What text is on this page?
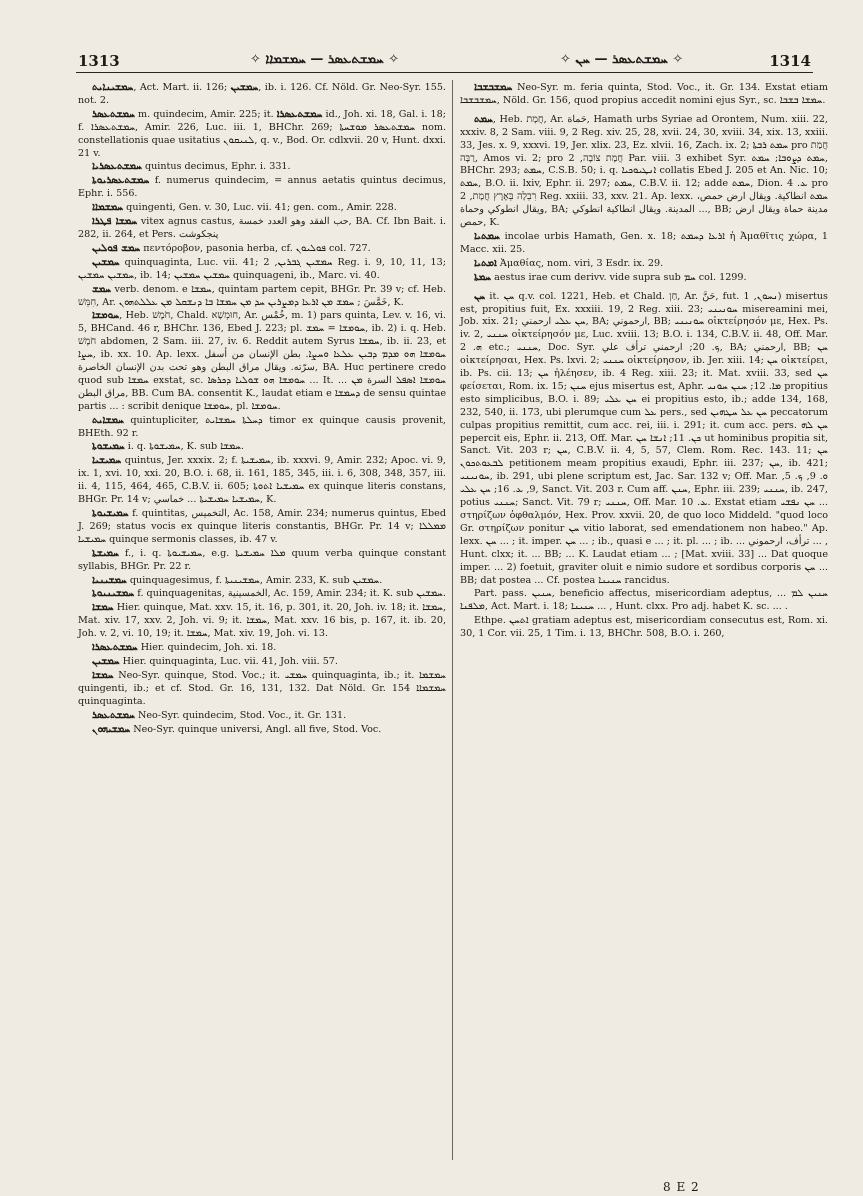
1313	✧ ܚܡܫܬܥܣܪ — ܚܡܫܡܐܐ ✧	✧ ܚܡܫܬܥܣܪ — ܚܢ ✧	1314

ܚܡܫܝܢܐܝܬ, Act. Mart. ii. 126; ܚܡܫܝܢ, ib. i. 126. Cf. Nöld. Gr. Neo-Syr. 155. not. 2.

ܚܡܫܬܥܣܪ m. quindecim, Amir. 225; it. ܚܡܫܬܥܣܪܐ id., Joh. xi. 18, Gal. i. 18; f. ܚܡܫܬܥܣܪܐ, Amir. 226, Luc. iii. 1, BHChr. 269; ܚܡܫܬܥܣܪ ܡܘܫܚܬܐ nom. constellationis quae usitatius ܠܢܝܩܘܢ, q. v., Bod. Or. cdlxvii. 20 v, Hunt. dxxi. 21 v.

ܚܡܫܬܥܣܪܝܐ quintus decimus, Ephr. i. 331.

ܚܡܫܬܥܣܪܝܘܬܐ f. numerus quindecim, = annus aetatis quintus decimus, Ephr. i. 556.

ܚܡܫܡܐܐ quingenti, Gen. v. 30, Luc. vii. 41; gen. com., Amir. 228.

ܚܡܫܐ ܦܛܪܐ vitex agnus castus, ﺣﺐ اﻟﻔﻘﺪ وﻫﻮ اﻟﻌﺪد ﺧﻤﺴﺔ, BA. Cf. Ibn Bait. i. 282, ii. 264, et Pers. ﭘﻨﺠﻜﻮﺷﺖ

ܚܡܫ ܦܘܠܝܢ πεντόροβον, pasonia herba, cf. ܦܘܠܝܘܢ col. 727.

ܚܡܫܝܢ quinquaginta, Luc. vii. 41; ܚܡܫܝܢ ܓܒܪܝܢ, 2 Reg. i. 9, 10, 11, 13; ܚܡܫܝܢ ܚܡܫܝܢ, ib. 14; ܚܡܫܝܢ ܚܡܫܝܢ quinquageni, ib., Marc. vi. 40.

ܚܡܫ verb. denom. e ܚܡܫܐ, quintam partem cepit, BHGr. Pr. 39 v; cf. Heb. חִמֵּשׁ, Ar. خَمَّسَ ; ܚܡܫ ܡܢ ܐܪܥܐ ܕܡܨܪܝܢ ܚܕ ܡܢ ܚܡܫܐ ܒܐ ܕܢܫܩܠ ܡܢ ܥܠܠܬܗܘܢ, K.

ܚܘܡܫܐ, Heb. חֹמֶשׁ, Chald. חוּמְשָׁא, Ar. خُمْس, m. 1) pars quinta, Lev. v. 16, vi. 5, BHCand. 46 r, BHChr. 136, Ebed J. 223; pl. ܚܘܡܫܐ = ܚܡܫ, ib. 2) i. q. Heb. חֹמֶשׁ abdomen, 2 Sam. iii. 27, iv. 6. Reddit autem Syrus ܚܡܫܐ, ib. ii. 23, et ܚܨܐ, ib. xx. 10. Ap. lexx. ܚܘܡܫܐ ܗܘ ܡܕܡ ܕܒܝܢ ܥܠܥܐ ܘܚܨܐ. ﺑﻄﻦ اﻹﻧﺴﺎن ﻣﻦ أﺳﻔﻞ ﺳﺮّﺗﻪ. ويقال مراق البطن وهو تحت بدن الإنسان الخاصرة, BA. Huc pertinere credo quod sub ܚܡܫܐ exstat, sc. ܚܘܡܫܐ ܗܘ ܫܘܠܝܐ ܕܟܪܣܐ ... It. ܚܘܡܫܐ ܐܣܦܠ السرة ܡܢ ... مراق البطن, BB. Cum BA. consentit K., laudat etiam e ܕܚܡܫܐ de sensu quintae partis ... : scribit denique ܚܘܡܫܐ, pl. ܚܘܡܫܐ.

ܚܡܫܐܝܬ quintupliciter, ܕܚܠܬܐ ܚܡܫܐܝܬ timor ex quinque causis provenit, BHEth. 92 r.

ܚܡܝܫܘܬܐ i. q. ܚܡܝܫܘܬܐ, K. sub ܚܡܫܐ.

ܚܡܝܫܝܐ quintus, Jer. xxxix. 2; f. ܚܡܝܫܝܬܐ, ib. xxxvi. 9, Amir. 232; Apoc. vi. 9, ix. 1, xvi. 10, xxi. 20, B.O. i. 68, ii. 161, 185, 345, iii. i. 6, 308, 348, 357, iii. ii. 4, 115, 464, 465, C.B.V. ii. 605; ܚܡܝܫܝܐ ܐܬܘܬܐ ex quinque literis constans, BHGr. Pr. 14 v; ܚܡܝܫܝܐ ܚܡܝܫܝܬܐ ... خماسي, K.

ܚܡܝܫܝܘܬܐ f. quintitas, التخميس, Ac. 158, Amir. 234; numerus quintus, Ebed J. 269; status vocis ex quinque literis constantis, BHGr. Pr. 14 v; ܡܡܠܠܐ ܚܡܝܫܝܐ quinque sermonis classes, ib. 47 v.

ܚܡܝܫܬܐ f., i. q. ܚܡܝܫܝܘܬܐ, e.g. ܡܠܐ ܚܡܝܫܝܬܐ quum verba quinque constant syllabis, BHGr. Pr. 22 r.

ܚܡܫܝܢܝܐ quinquagesimus, f. ܚܡܫܝܢܝܬܐ, Amir. 233, K. sub ܚܡܫܝܢ.

ܚܡܫܝܢܝܘܬܐ f. quinquagenitas, الخمسينية, Ac. 159, Amir. 234; it. K. sub ܚܡܫܝܢ.

ܚܡܫܐ Hier. quinque, Mat. xxv. 15, it. 16, p. 301, it. 20, Joh. iv. 18; it. ܚܡܫܐ, Mat. xiv. 17, xxv. 2, Joh. vi. 9; it. ܚܡܫܐ, Mat. xxv. 16 bis, p. 167, it. ib. 20, Joh. v. 2, vi. 10, 19; it. ܚܡܫܐ, Mat. xiv. 19, Joh. vi. 13.

ܚܡܫܬܥܣܪܐ Hier. quindecim, Joh. xi. 18.

ܚܡܫܝܢ Hier. quinquaginta, Luc. vii. 41, Joh. viii. 57.

ܚܡܫܐ Neo-Syr. quinque, Stod. Voc.; it. ܚܡܫܝ quinquaginta, ib.; it. ܚܡܫܡܐ quingenti, ib.; et cf. Stod. Gr. 16, 131, 132. Dat Nöld. Gr. 154 ܚܡܫܡܐܐ quinquaginta.

ܚܡܫܬܥܣܪ Neo-Syr. quindecim, Stod. Voc., it. Gr. 131.

ܚܡܫܝܗܘܢ Neo-Syr. quinque universi, Angl. all five, Stod. Voc.

ܚܡܫܒܫܒܐ Neo-Syr. m. feria quinta, Stod. Voc., it. Gr. 134. Exstat etiam ܚܡܫܒܫܒܐ, Nöld. Gr. 156, quod propius accedit nomini ejus Syr., sc. ܚܡܫܐ ܒܫܒܐ.

ܚܡܬ, Heb. חֲמָת, Ar. حَماة, Hamath urbs Syriae ad Orontem, Num. xiii. 22, xxxiv. 8, 2 Sam. viii. 9, 2 Reg. xiv. 25, 28, xvii. 24, 30, xviii. 34, xix. 13, xxiii. 33, Jes. x. 9, xxxvi. 19, Jer. xlix. 23, Ez. xlvii. 16, Zach. ix. 2; ܚܡܬ ܪܒܬܐ pro חֲמַת רַבָּה, Amos vi. 2; pro חֲמָת צוֹבָה, 2 Par. viii. 3 exhibet Syr. ܚܡܬ ܕܨܘܒܐ; ܚܡܬ, BHChr. 293; ܚܡܬ, C.S.B. 50; i. q. ܐܢܛܝܘܟܝܐ collatis Ebed J. 205 et An. Nic. 10; ܚܡܬ, B.O. ii. lxiv, Ephr. ii. 297; ܚܡܬ, C.B.V. ii. 12; adde ܚܡܬ, Dion. ܥ. 4 pro רִבְלָה בְּאֶרֶץ חֲמָת, 2 Reg. xxiii. 33, xxv. 21. Ap. lexx. ܚܡܬ انطاكية. ويقال ارض حمص، ويقال انطوكي وحماة, BA; المدينة. ويقال انطاكية انطوكي ..., BB; مدينة حماة ويقال ارض حمص, K.

ܚܡܬܝܐ incolae urbis Hamath, Gen. x. 18; ܐܪܥܐ ܕܚܡܬ ἡ Ἀμαθῖτις χώρα, 1 Macc. xii. 25.

ܐܡܬܝܐ Ἀμαθίας, nom. viri, 3 Esdr. ix. 29.

ܚܡܬܐ aestus irae cum derivv. vide supra sub ܚܡ col. 1299.

ܚܢ it. ܚܢ q.v. col. 1221, Heb. et Chald. חַן, Ar. حَنَّ, fut. ܢܚܘܢ, 1) misertus est, propitius fuit, Ex. xxxiii. 19, 2 Reg. xiii. 23; ܚܘܢܝܢܝ misereamini mei, Job. xix. 21; ܚܢ ܥܠܝ ارحمني, BA; ارحموني, BB; ܚܘܢܝܢܝ οἰκτείρησόν με, Hex. Ps. iv. 2, ܚܢܢܝ οἰκτείρησόν με, Luc. xviii. 13; B.O. i. 134, C.B.V. ii. 48, Off. Mar. ܗ. 2 etc.; ܚܢܢܝ, Doc. Syr. ܟ. 20; ارحمني ترأف علي, BA; ارحمني, BB; ܚܢ οἰκτείρησαι, Hex. Ps. lxvi. 2; ܚܢܢܝ οἰκτείρησον, ib. Jer. xiii. 14; ܚܢ οἰκτείρει, ib. Ps. cii. 13; ܚܢ ἠλέησεν, ib. 4 Reg. xiii. 23; it. Mat. xviii. 33, sed ܚܢ φείσεται, Rom. ix. 15; ܚܢܢ ejus misertus est, Aphr. ܡܐ. 12; ܚܢܢ ܚܘܢܝ propitius esto simplicibus, B.O. i. 89; ܚܢ ܥܠܝ ei propitius esto, ib.; adde 134, 168, 232, 540, ii. 173, ubi plerumque cum ܥܠ pers., sed ܚܢ ܥܠ ܚܛܗܝܢ peccatorum culpas propitius remittit, cum acc. rei, iii. i. 291; it. cum acc. pers. ܚܢ ܠܗ pepercit eis, Ephr. ii. 213, Off. Mar. ܟܢ. 11; ܐܢܫܐ ܚܢ ut hominibus propitia sit, Sanct. Vit. 203 r; ܚܢ, C.B.V. ii. 4, 5, 57, Clem. Rom. Rec. 143. 11; ܚܢ ܠܒܥܘܬܟܘܢ petitionem meam propitius exaudi, Ephr. iii. 237; ܚܢ, ib. 421; ܚܘܢܝܢܝ, ib. 291, ubi plene scriptum est, Jac. Sar. 132 v; Off. Mar. ܘ. 9, ܟ. 5, 9, ܥ. 16; ܚܢ ܥܠܝ, Sanct. Vit. 203 r. Cum aff. ܚܢܢ, Ephr. iii. 239; ܚܢܢܝ, ib. 247, potius ܚܢܢܝ; Sanct. Vit. 79 r; ܚܢܢܝ, Off. Mar. ܥ. 10. Exstat etiam ܚܢ ܢܦܫܝ ... στηρίζων ὀφθαλμόν, Hex. Prov. xxvii. 20, de quo loco Middeld. "quod loco Gr. στηρίζων ponitur ܚܢ vitio laborat, sed emendationem non habeo." Ap. lexx. ܚܢ ... ; it. imper. ܚܢ ... ; ib., quasi e ... ; it. pl. ... ; ib. ... ترأف، ارحموني ... , Hunt. clxx; it. ... BB; ... K. Laudat etiam ... ; [Mat. xviii. 33] ... Dat quoque imper. ... 2) foetuit, graviter oluit e nimio sudore et sordibus corporis ܚܢ ... BB; dat postea ... Cf. postea ܚܢܝܢܐ rancidus.

Part. pass. ܚܢܝܢ, beneficio affectus, misericordiam adeptus, ܚܢܝܢ ܠܡ ... ܡܠܦܢܐ, Act. Mart. i. 18; ܚܢܝܢܐ ... , Hunt. clxx. Pro adj. habet K. sc. ... .

Ethpe. ܐܬܚܢ gratiam adeptus est, misericordiam consecutus est, Rom. xi. 30, 1 Cor. vii. 25, 1 Tim. i. 13, BHChr. 508, B.O. i. 260,

8 E 2
